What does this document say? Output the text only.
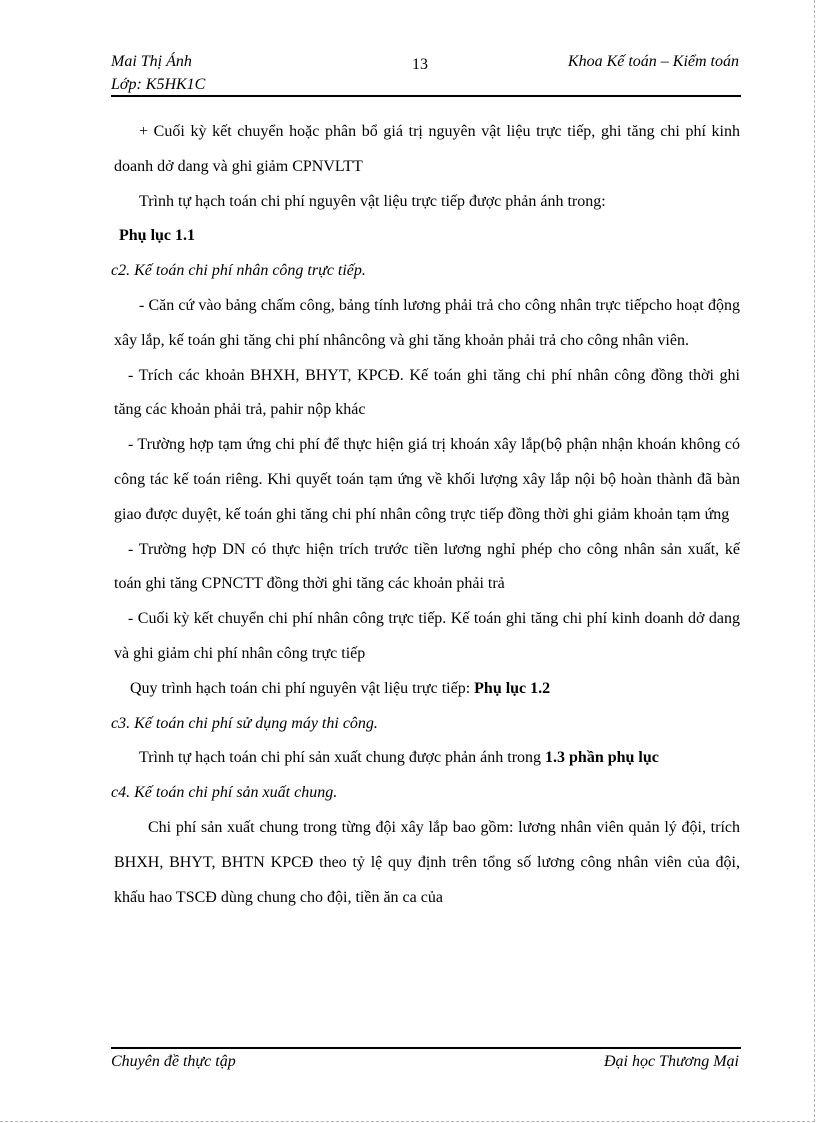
Mai Thị Ánh
Lớp: K5HK1C
13	Khoa Kế toán – Kiểm toán

+ Cuối kỳ kết chuyển hoặc phân bổ giá trị nguyên vật liệu trực tiếp, ghi tăng chi phí kinh doanh dở dang và ghi giảm CPNVLTT

Trình tự hạch toán chi phí nguyên vật liệu trực tiếp được phản ánh trong:

Phụ lục 1.1

c2. Kế toán chi phí nhân công trực tiếp.

- Căn cứ vào bảng chấm công, bảng tính lương phải trả cho công nhân trực tiếpcho hoạt động xây lắp, kế toán ghi tăng chi phí nhâncông và ghi tăng khoản phải trả cho công nhân viên.

- Trích các khoản BHXH, BHYT, KPCĐ. Kế toán ghi tăng chi phí nhân công đồng thời ghi tăng các khoản phải trả, pahir nộp khác

- Trường hợp tạm ứng chi phí để thực hiện giá trị khoán xây lắp(bộ phận nhận khoán không có công tác kế toán riêng. Khi quyết toán tạm ứng về khối lượng xây lắp nội bộ hoàn thành đã bàn giao được duyệt, kế toán ghi tăng chi phí nhân công trực tiếp đồng thời ghi giảm khoản tạm ứng

- Trường hợp DN có thực hiện trích trước tiền lương nghỉ phép cho công nhân sản xuất, kế toán ghi tăng CPNCTT đồng thời ghi tăng các khoản phải trả

- Cuối kỳ kết chuyển chi phí nhân công trực tiếp. Kế toán ghi tăng chi phí kinh doanh dở dang và ghi giảm chi phí nhân công trực tiếp

Quy trình hạch toán chi phí nguyên vật liệu trực tiếp: Phụ lục 1.2

c3. Kế toán chi phí sử dụng máy thi công.

Trình tự hạch toán chi phí sản xuất chung được phản ánh trong 1.3 phần phụ lục

c4. Kế toán chi phí sản xuất chung.

Chi phí sản xuất chung trong từng đội xây lắp bao gồm: lương nhân viên quản lý đội, trích BHXH, BHYT, BHTN KPCĐ theo tỷ lệ quy định trên tổng số lương công nhân viên của đội, khấu hao TSCĐ dùng chung cho đội, tiền ăn ca của

Chuyên đề thực tập	Đại học Thương Mại
